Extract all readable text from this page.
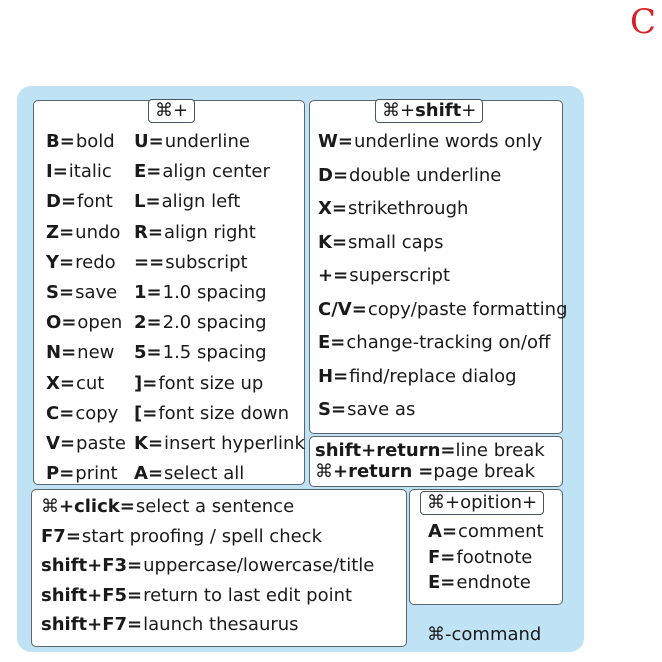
C
⌘+
B=bold
I=italic
D=font
Z=undo
Y=redo
S=save
O=open
N=new
X=cut
C=copy
V=paste
P=print
U=underline
E=align center
L=align left
R=align right
==subscript
1=1.0 spacing
2=2.0 spacing
5=1.5 spacing
]=font size up
[=font size down
K=insert hyperlink
A=select all
⌘+shift+
W=underline words only
D=double underline
X=strikethrough
K=small caps
+=superscript
C/V=copy/paste formatting
E=change-tracking on/off
H=find/replace dialog
S=save as
shift+return=line break
⌘+return =page break
⌘+click=select a sentence
F7=start proofing / spell check
shift+F3=uppercase/lowercase/title
shift+F5=return to last edit point
shift+F7=launch thesaurus
⌘+opition+
A=comment
F=footnote
E=endnote
⌘-command
